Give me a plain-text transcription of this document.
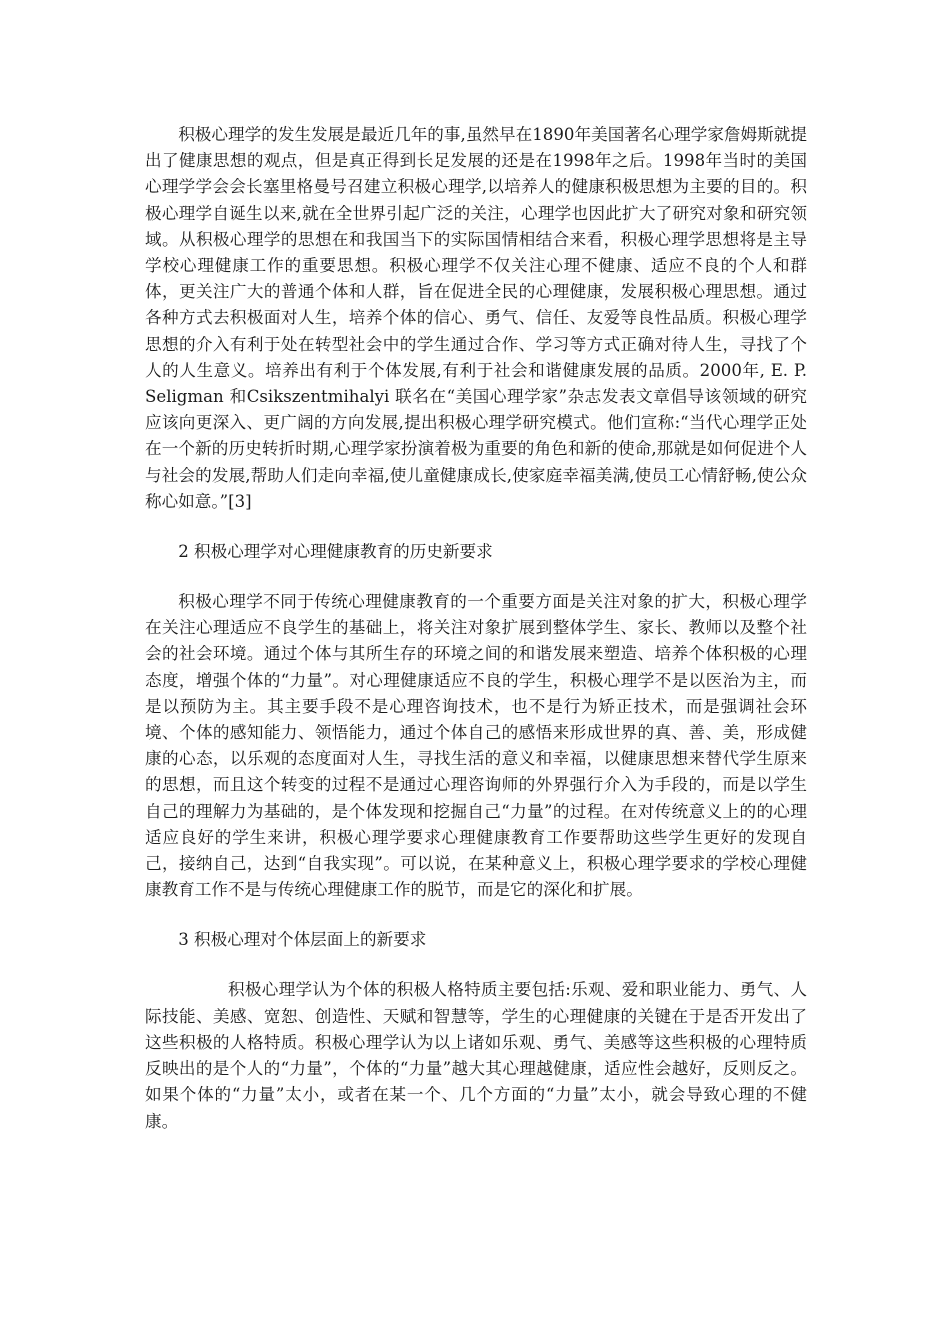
积极心理学的发生发展是最近几年的事,虽然早在1890年美国著名心理学家詹姆斯就提出了健康思想的观点，但是真正得到长足发展的还是在1998年之后。1998年当时的美国心理学学会会长塞里格曼号召建立积极心理学,以培养人的健康积极思想为主要的目的。积极心理学自诞生以来,就在全世界引起广泛的关注，心理学也因此扩大了研究对象和研究领域。从积极心理学的思想在和我国当下的实际国情相结合来看，积极心理学思想将是主导学校心理健康工作的重要思想。积极心理学不仅关注心理不健康、适应不良的个人和群体，更关注广大的普通个体和人群，旨在促进全民的心理健康，发展积极心理思想。通过各种方式去积极面对人生，培养个体的信心、勇气、信任、友爱等良性品质。积极心理学思想的介入有利于处在转型社会中的学生通过合作、学习等方式正确对待人生，寻找了个人的人生意义。培养出有利于个体发展,有利于社会和谐健康发展的品质。2000年, E. P. Seligman 和Csikszentmihalyi 联名在“美国心理学家”杂志发表文章倡导该领域的研究应该向更深入、更广阔的方向发展,提出积极心理学研究模式。他们宣称:“当代心理学正处在一个新的历史转折时期,心理学家扮演着极为重要的角色和新的使命,那就是如何促进个人与社会的发展,帮助人们走向幸福,使儿童健康成长,使家庭幸福美满,使员工心情舒畅,使公众称心如意。”[3]

2 积极心理学对心理健康教育的历史新要求

积极心理学不同于传统心理健康教育的一个重要方面是关注对象的扩大，积极心理学在关注心理适应不良学生的基础上，将关注对象扩展到整体学生、家长、教师以及整个社会的社会环境。通过个体与其所生存的环境之间的和谐发展来塑造、培养个体积极的心理态度，增强个体的“力量”。对心理健康适应不良的学生，积极心理学不是以医治为主，而是以预防为主。其主要手段不是心理咨询技术，也不是行为矫正技术，而是强调社会环境、个体的感知能力、领悟能力，通过个体自己的感悟来形成世界的真、善、美，形成健康的心态，以乐观的态度面对人生，寻找生活的意义和幸福，以健康思想来替代学生原来的思想，而且这个转变的过程不是通过心理咨询师的外界强行介入为手段的，而是以学生自己的理解力为基础的，是个体发现和挖掘自己“力量”的过程。在对传统意义上的的心理适应良好的学生来讲，积极心理学要求心理健康教育工作要帮助这些学生更好的发现自己，接纳自己，达到“自我实现”。可以说，在某种意义上，积极心理学要求的学校心理健康教育工作不是与传统心理健康工作的脱节，而是它的深化和扩展。

3 积极心理对个体层面上的新要求

积极心理学认为个体的积极人格特质主要包括:乐观、爱和职业能力、勇气、人际技能、美感、宽恕、创造性、天赋和智慧等，学生的心理健康的关键在于是否开发出了这些积极的人格特质。积极心理学认为以上诸如乐观、勇气、美感等这些积极的心理特质反映出的是个人的“力量”，个体的“力量”越大其心理越健康，适应性会越好，反则反之。如果个体的“力量”太小，或者在某一个、几个方面的“力量”太小，就会导致心理的不健康。
